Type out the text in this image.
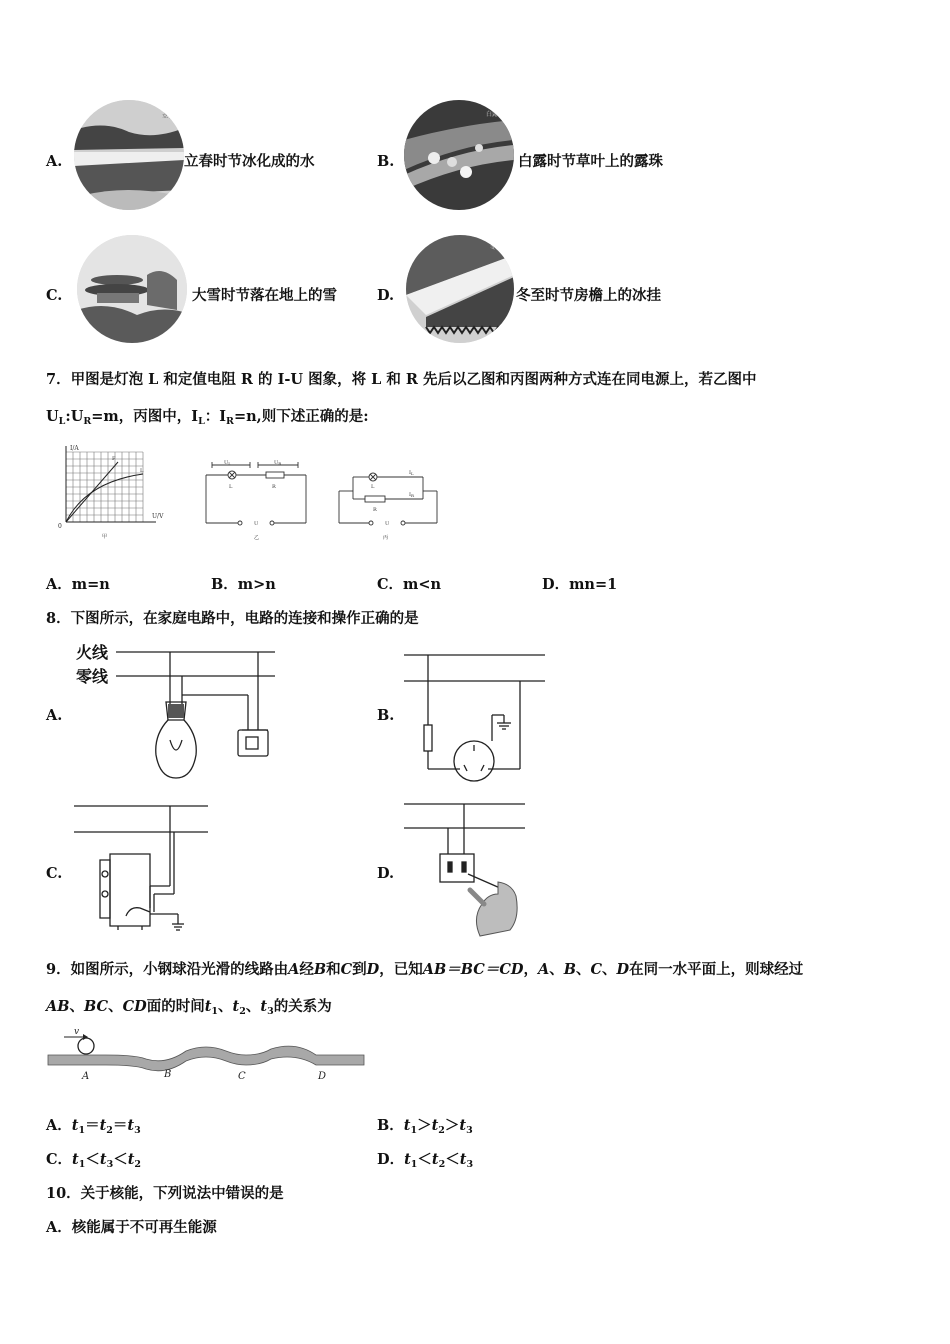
A.
立春
立春时节冰化成的水	B.
白露
白露时节草叶上的露珠
C.
大雪
大雪时节落在地上的雪	D.
冬至
冬至时节房檐上的冰挂
7．甲图是灯泡 L 和定值电阻 R 的 I-U 图象，将 L 和 R 先后以乙图和丙图两种方式连在同电源上，若乙图中
$U_L:U_R=m$，丙图中，$I_L$：$I_R=n$,则下述正确的是:
I/A
U/V
0
F
L
甲
$U_L$	$U_R$
L	R
U
乙
L
R
$I_L$
$I_R$
U
丙
A．m=n	B．m>n	C．m<n	D．mn=1
8．下图所示，在家庭电路中，电路的连接和操作正确的是
A.
火线
零线
B.
C.	D.
9．如图所示，小钢球沿光滑的线路由A经B和C到D，已知AB＝BC＝CD，A、B、C、D在同一水平面上，则球经过
AB、BC、CD面的时间$t_1$、$t_2$、$t_3$的关系为
v
A	B	C	D
A．$t_1=t_2=t_3$	B．$t_1>t_2>t_3$
C．$t_1<t_3<t_2$	D．$t_1<t_2<t_3$
10．关于核能，下列说法中错误的是
A．核能属于不可再生能源
